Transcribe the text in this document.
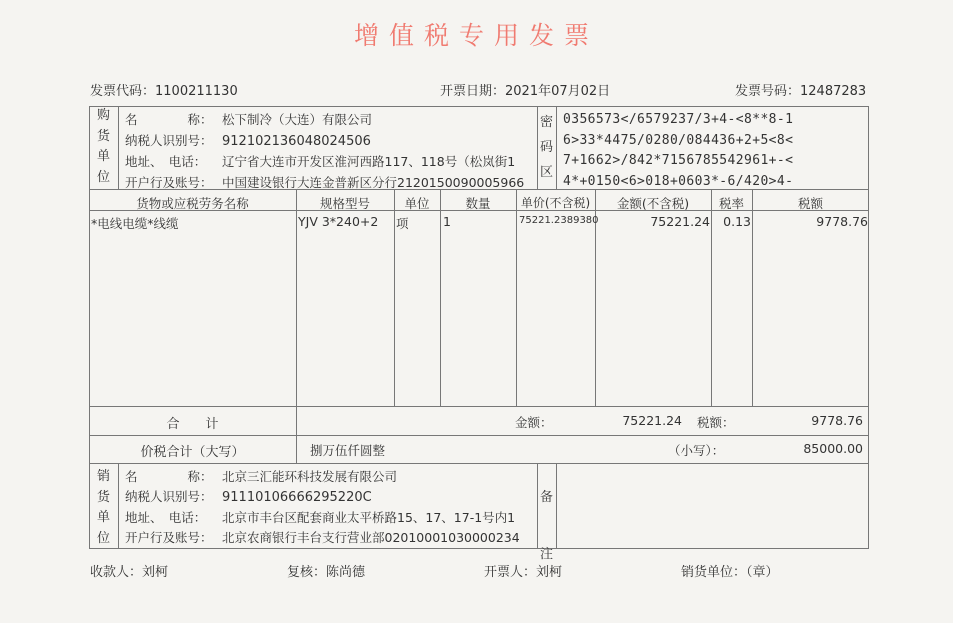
增值税专用发票
发票代码：1100211130	开票日期：2021年07月02日	发票号码：12487283
购
货
单
位
名　　　　称： 松下制冷（大连）有限公司
纳税人识别号： 912102136048024506
地址、　电话： 辽宁省大连市开发区淮河西路117、118号（松岚街1
开户行及账号： 中国建设银行大连金普新区分行2120150090005966
密
码
区
0356573</6579237/3+4-<8**8-1
6>33*4475/0280/084436+2+5<8<
7+1662>/842*7156785542961+-<
4*+0150<6>018+0603*-6/420>4-
货物或应税劳务名称	规格型号	单位	数量	单价(不含税)	金额(不含税)	税率	税额
*电线电缆*线缆	YJV 3*240+2 项	1	75221.2389380	75221.24	0.13	9778.76
合　　计	金额：	75221.24 税额：	9778.76
价税合计（大写）	捌万伍仟圆整	（小写）：	85000.00
销
货
单
位
名　　　　称： 北京三汇能环科技发展有限公司
纳税人识别号： 91110106666295220C
地址、　电话： 北京市丰台区配套商业太平桥路15、17、17-1号内1
开户行及账号： 北京农商银行丰台支行营业部02010001030000234
备
注
收款人：刘柯	复核：陈尚德	开票人：刘柯	销货单位：（章）
